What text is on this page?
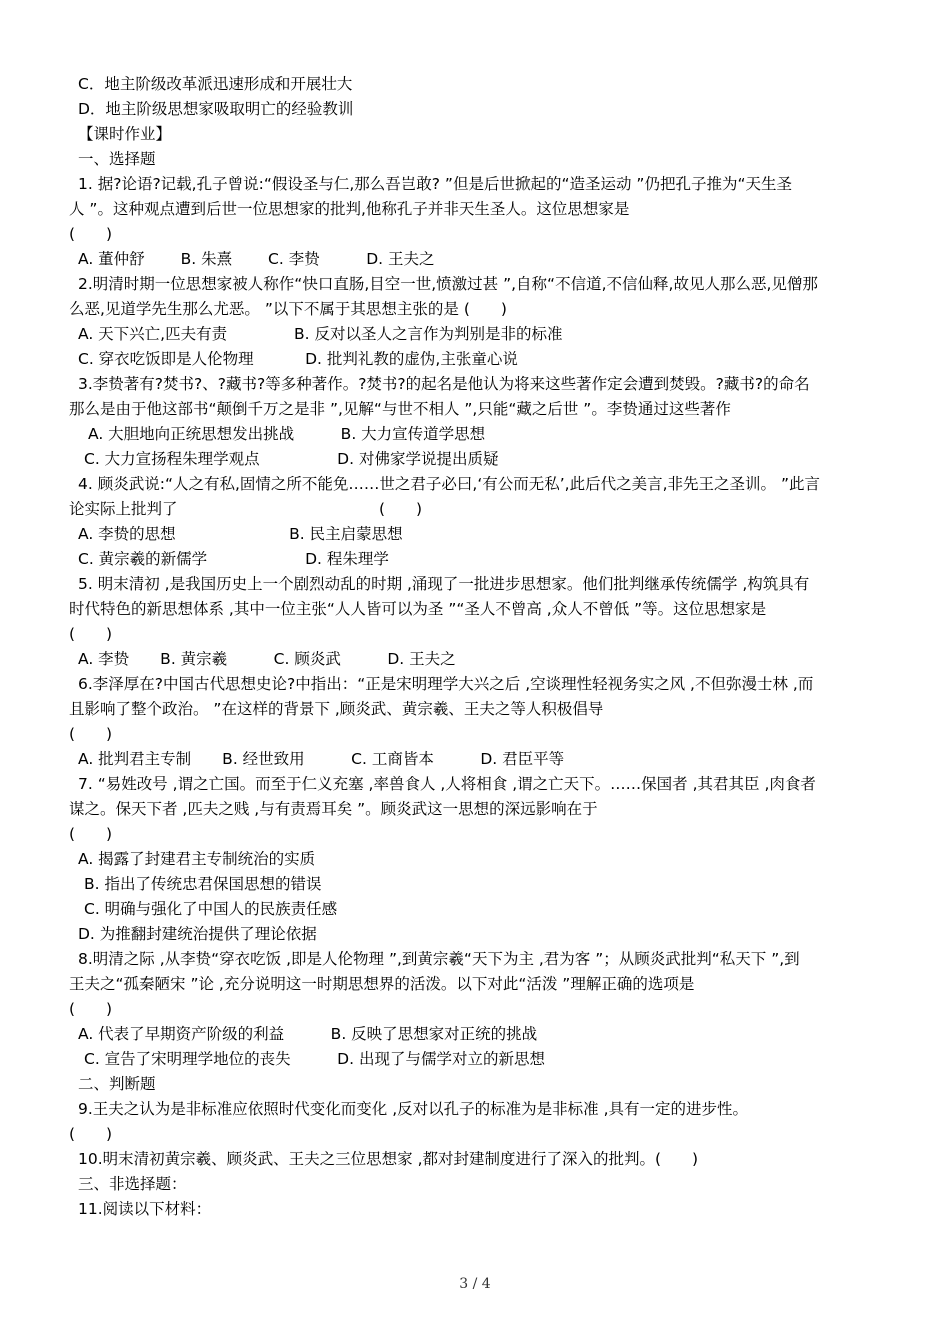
C．地主阶级改革派迅速形成和开展壮大
D．地主阶级思想家吸取明亡的经验教训
【课时作业】
一、选择题
1. 据?论语?记载,孔子曾说:“假设圣与仁,那么吾岂敢? ”但是后世掀起的“造圣运动 ”仍把孔子推为“天生圣
人 ”。这种观点遭到后世一位思想家的批判,他称孔子并非天生圣人。这位思想家是
(　　)
A. 董仲舒　　 B. 朱熹　　 C. 李贽　　　D. 王夫之
2.明清时期一位思想家被人称作“快口直肠,目空一世,愤激过甚 ”,自称“不信道,不信仙释,故见人那么恶,见僧那
么恶,见道学先生那么尤恶。 ”以下不属于其思想主张的是 (　　)
A. 天下兴亡,匹夫有责　　　　 B. 反对以圣人之言作为判别是非的标准
C. 穿衣吃饭即是人伦物理　　　 D. 批判礼教的虚伪,主张童心说
3.李贽著有?焚书?、?藏书?等多种著作。?焚书?的起名是他认为将来这些著作定会遭到焚毁。?藏书?的命名
那么是由于他这部书“颠倒千万之是非 ”,见解“与世不相人 ”,只能“藏之后世 ”。李贽通过这些著作
A. 大胆地向正统思想发出挑战　　　B. 大力宣传道学思想
C. 大力宣扬程朱理学观点　　　　　D. 对佛家学说提出质疑
4. 顾炎武说:“人之有私,固情之所不能免……世之君子必曰,‘有公而无私’,此后代之美言,非先王之圣训。 ”此言
论实际上批判了　　　　　　　　　　　　　(　　)
A. 李贽的思想　　　　　　　 B. 民主启蒙思想
C. 黄宗羲的新儒学　　　　　　 D. 程朱理学
5. 明末清初 ,是我国历史上一个剧烈动乱的时期 ,涌现了一批进步思想家。他们批判继承传统儒学 ,构筑具有
时代特色的新思想体系 ,其中一位主张“人人皆可以为圣 ”“圣人不曾高 ,众人不曾低 ”等。这位思想家是
(　　)
A. 李贽　　B. 黄宗羲　　　C. 顾炎武　　　D. 王夫之
6.李泽厚在?中国古代思想史论?中指出：“正是宋明理学大兴之后 ,空谈理性轻视务实之风 ,不但弥漫士林 ,而
且影响了整个政治。 ”在这样的背景下 ,顾炎武、黄宗羲、王夫之等人积极倡导
(　　)
A. 批判君主专制　　B. 经世致用　　　C. 工商皆本　　　D. 君臣平等
7. “易姓改号 ,谓之亡国。而至于仁义充塞 ,率兽食人 ,人将相食 ,谓之亡天下。……保国者 ,其君其臣 ,肉食者
谋之。保天下者 ,匹夫之贱 ,与有责焉耳矣 ”。顾炎武这一思想的深远影响在于
(　　)
A. 揭露了封建君主专制统治的实质
B. 指出了传统忠君保国思想的错误
C. 明确与强化了中国人的民族责任感
D. 为推翻封建统治提供了理论依据
8.明清之际 ,从李贽“穿衣吃饭 ,即是人伦物理 ”,到黄宗羲“天下为主 ,君为客 ”；从顾炎武批判“私天下 ”,到
王夫之“孤秦陋宋 ”论 ,充分说明这一时期思想界的活泼。以下对此“活泼 ”理解正确的选项是
(　　)
A. 代表了早期资产阶级的利益　　　B. 反映了思想家对正统的挑战
C. 宣告了宋明理学地位的丧失　　　D. 出现了与儒学对立的新思想
二、判断题
9.王夫之认为是非标准应依照时代变化而变化 ,反对以孔子的标准为是非标准 ,具有一定的进步性。
(　　)
10.明末清初黄宗羲、顾炎武、王夫之三位思想家 ,都对封建制度进行了深入的批判。(　　)
三、非选择题：
11.阅读以下材料：
3 / 4
